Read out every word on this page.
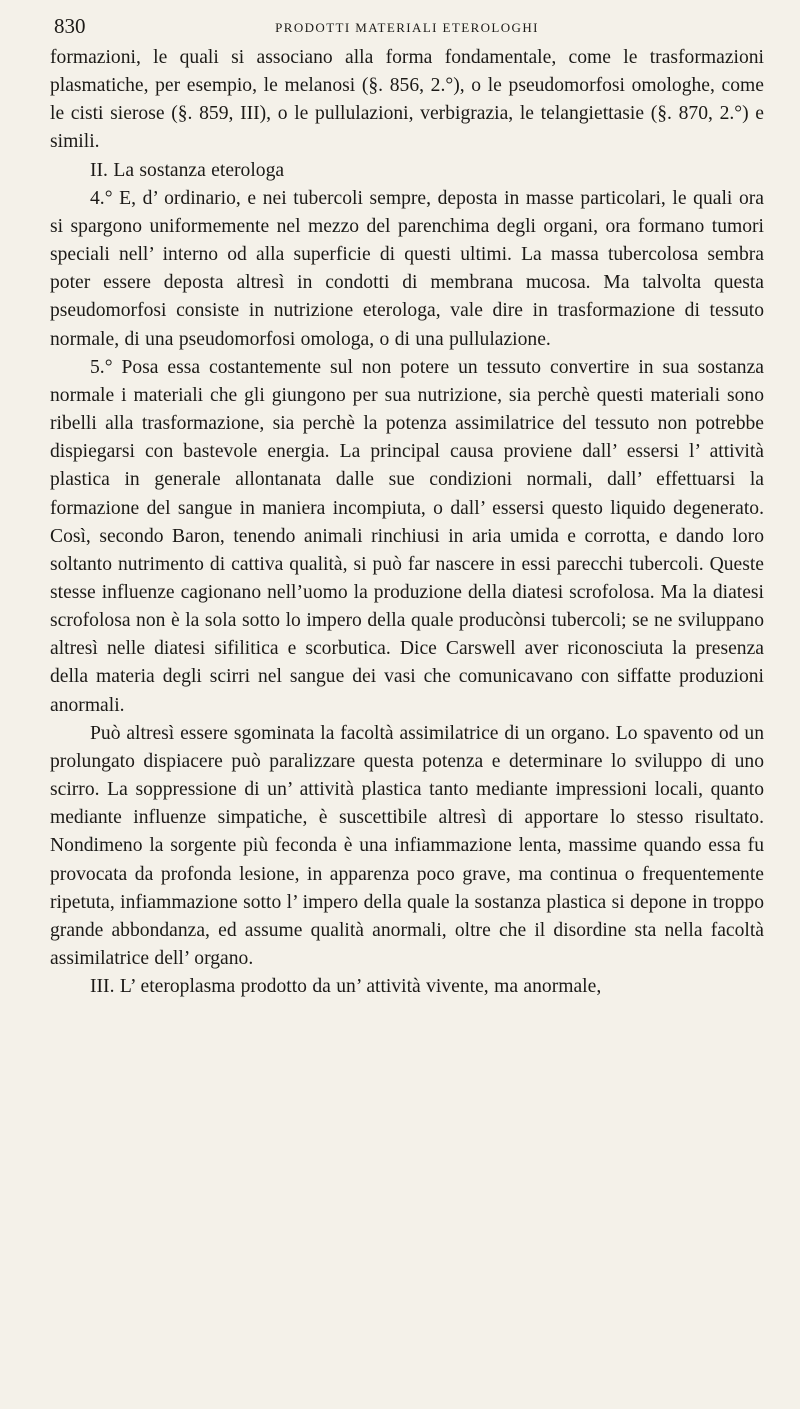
830	PRODOTTI MATERIALI ETEROLOGHI

formazioni, le quali si associano alla forma fondamentale, come le trasformazioni plasmatiche, per esempio, le melanosi (§. 856, 2.°), o le pseudomorfosi omologhe, come le cisti sierose (§. 859, III), o le pullulazioni, verbigrazia, le telangiettasie (§. 870, 2.°) e simili.

II. La sostanza eterologa

4.° E, d’ ordinario, e nei tubercoli sempre, deposta in masse particolari, le quali ora si spargono uniformemente nel mezzo del parenchima degli organi, ora formano tumori speciali nell’ interno od alla superficie di questi ultimi. La massa tubercolosa sembra poter essere deposta altresì in condotti di membrana mucosa. Ma talvolta questa pseudomorfosi consiste in nutrizione eterologa, vale dire in trasformazione di tessuto normale, di una pseudomorfosi omologa, o di una pullulazione.

5.° Posa essa costantemente sul non potere un tessuto convertire in sua sostanza normale i materiali che gli giungono per sua nutrizione, sia perchè questi materiali sono ribelli alla trasformazione, sia perchè la potenza assimilatrice del tessuto non potrebbe dispiegarsi con bastevole energia. La principal causa proviene dall’ essersi l’ attività plastica in generale allontanata dalle sue condizioni normali, dall’ effettuarsi la formazione del sangue in maniera incompiuta, o dall’ essersi questo liquido degenerato. Così, secondo Baron, tenendo animali rinchiusi in aria umida e corrotta, e dando loro soltanto nutrimento di cattiva qualità, si può far nascere in essi parecchi tubercoli. Queste stesse influenze cagionano nell’uomo la produzione della diatesi scrofolosa. Ma la diatesi scrofolosa non è la sola sotto lo impero della quale producònsi tubercoli; se ne sviluppano altresì nelle diatesi sifilitica e scorbutica. Dice Carswell aver riconosciuta la presenza della materia degli scirri nel sangue dei vasi che comunicavano con siffatte produzioni anormali.

Può altresì essere sgominata la facoltà assimilatrice di un organo. Lo spavento od un prolungato dispiacere può paralizzare questa potenza e determinare lo sviluppo di uno scirro. La soppressione di un’ attività plastica tanto mediante impressioni locali, quanto mediante influenze simpatiche, è suscettibile altresì di apportare lo stesso risultato. Nondimeno la sorgente più feconda è una infiammazione lenta, massime quando essa fu provocata da profonda lesione, in apparenza poco grave, ma continua o frequentemente ripetuta, infiammazione sotto l’ impero della quale la sostanza plastica si depone in troppo grande abbondanza, ed assume qualità anormali, oltre che il disordine sta nella facoltà assimilatrice dell’ organo.

III. L’ eteroplasma prodotto da un’ attività vivente, ma anormale,
